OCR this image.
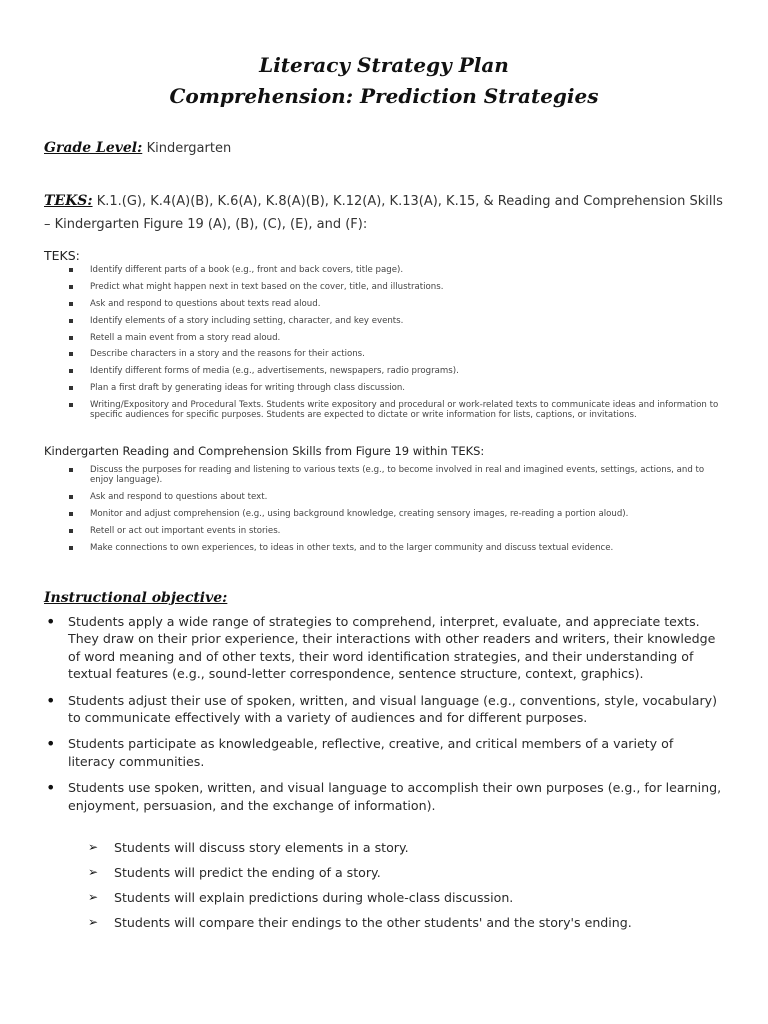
Literacy Strategy Plan
Comprehension: Prediction Strategies
Grade Level: Kindergarten
TEKS: K.1.(G), K.4(A)(B), K.6(A), K.8(A)(B), K.12(A), K.13(A), K.15, & Reading and Comprehension Skills – Kindergarten Figure 19 (A), (B), (C), (E), and (F):
TEKS:
Identify different parts of a book (e.g., front and back covers, title page).
Predict what might happen next in text based on the cover, title, and illustrations.
Ask and respond to questions about texts read aloud.
Identify elements of a story including setting, character, and key events.
Retell a main event from a story read aloud.
Describe characters in a story and the reasons for their actions.
Identify different forms of media (e.g., advertisements, newspapers, radio programs).
Plan a first draft by generating ideas for writing through class discussion.
Writing/Expository and Procedural Texts. Students write expository and procedural or work-related texts to communicate ideas and information to specific audiences for specific purposes. Students are expected to dictate or write information for lists, captions, or invitations.
Kindergarten Reading and Comprehension Skills from Figure 19 within TEKS:
Discuss the purposes for reading and listening to various texts (e.g., to become involved in real and imagined events, settings, actions, and to enjoy language).
Ask and respond to questions about text.
Monitor and adjust comprehension (e.g., using background knowledge, creating sensory images, re-reading a portion aloud).
Retell or act out important events in stories.
Make connections to own experiences, to ideas in other texts, and to the larger community and discuss textual evidence.
Instructional objective:
• Students apply a wide range of strategies to comprehend, interpret, evaluate, and appreciate texts. They draw on their prior experience, their interactions with other readers and writers, their knowledge of word meaning and of other texts, their word identification strategies, and their understanding of textual features (e.g., sound-letter correspondence, sentence structure, context, graphics).
• Students adjust their use of spoken, written, and visual language (e.g., conventions, style, vocabulary) to communicate effectively with a variety of audiences and for different purposes.
• Students participate as knowledgeable, reflective, creative, and critical members of a variety of literacy communities.
• Students use spoken, written, and visual language to accomplish their own purposes (e.g., for learning, enjoyment, persuasion, and the exchange of information).
➢ Students will discuss story elements in a story.
➢ Students will predict the ending of a story.
➢ Students will explain predictions during whole-class discussion.
➢ Students will compare their endings to the other students' and the story's ending.
